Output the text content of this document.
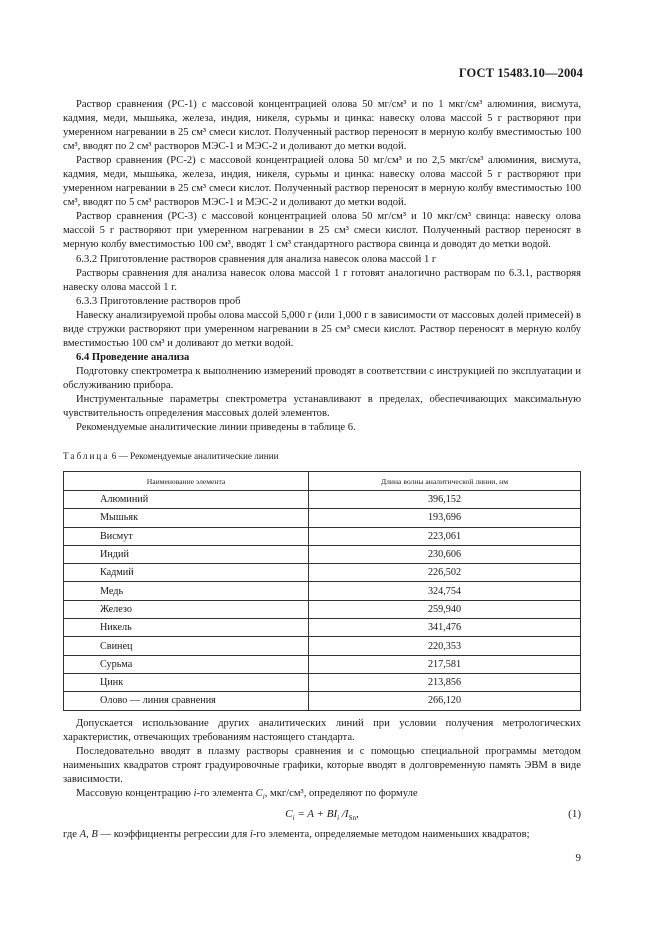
ГОСТ 15483.10—2004

Раствор сравнения (РС-1) с массовой концентрацией олова 50 мг/см³ и по 1 мкг/см³ алюминия, висмута, кадмия, меди, мышьяка, железа, индия, никеля, сурьмы и цинка: навеску олова массой 5 г растворяют при умеренном нагревании в 25 см³ смеси кислот. Полученный раствор переносят в мерную колбу вместимостью 100 см³, вводят по 2 см³ растворов МЭС-1 и МЭС-2 и доливают до метки водой.

Раствор сравнения (РС-2) с массовой концентрацией олова 50 мг/см³ и по 2,5 мкг/см³ алюминия, висмута, кадмия, меди, мышьяка, железа, индия, никеля, сурьмы и цинка: навеску олова массой 5 г растворяют при умеренном нагревании в 25 см³ смеси кислот. Полученный раствор переносят в мерную колбу вместимостью 100 см³, вводят по 5 см³ растворов МЭС-1 и МЭС-2 и доливают до метки водой.

Раствор сравнения (РС-3) с массовой концентрацией олова 50 мг/см³ и 10 мкг/см³ свинца: навеску олова массой 5 г растворяют при умеренном нагревании в 25 см³ смеси кислот. Полученный раствор переносят в мерную колбу вместимостью 100 см³, вводят 1 см³ стандартного раствора свинца и доводят до метки водой.

6.3.2 Приготовление растворов сравнения для анализа навесок олова массой 1 г

Растворы сравнения для анализа навесок олова массой 1 г готовят аналогично растворам по 6.3.1, растворяя навеску олова массой 1 г.

6.3.3 Приготовление растворов проб

Навеску анализируемой пробы олова массой 5,000 г (или 1,000 г в зависимости от массовых долей примесей) в виде стружки растворяют при умеренном нагревании в 25 см³ смеси кислот. Раствор переносят в мерную колбу вместимостью 100 см³ и доливают до метки водой.

6.4 Проведение анализа

Подготовку спектрометра к выполнению измерений проводят в соответствии с инструкцией по эксплуатации и обслуживанию прибора.

Инструментальные параметры спектрометра устанавливают в пределах, обеспечивающих максимальную чувствительность определения массовых долей элементов.

Рекомендуемые аналитические линии приведены в таблице 6.

Таблица 6 — Рекомендуемые аналитические линии
Наименование элемента	Длина волны аналитической линии, нм
Алюминий	396,152
Мышьяк	193,696
Висмут	223,061
Индий	230,606
Кадмий	226,502
Медь	324,754
Железо	259,940
Никель	341,476
Свинец	220,353
Сурьма	217,581
Цинк	213,856
Олово — линия сравнения	266,120

Допускается использование других аналитических линий при условии получения метрологических характеристик, отвечающих требованиям настоящего стандарта.

Последовательно вводят в плазму растворы сравнения и с помощью специальной программы методом наименьших квадратов строят градуировочные графики, которые вводят в долговременную память ЭВМ в виде зависимости.

Массовую концентрацию i-го элемента $C_i$, мкг/см³, определяют по формуле

$C_i = A + BI_i$ $/I_{Sn}$,	(1)
где A, B — коэффициенты регрессии для i-го элемента, определяемые методом наименьших квадратов;
9
